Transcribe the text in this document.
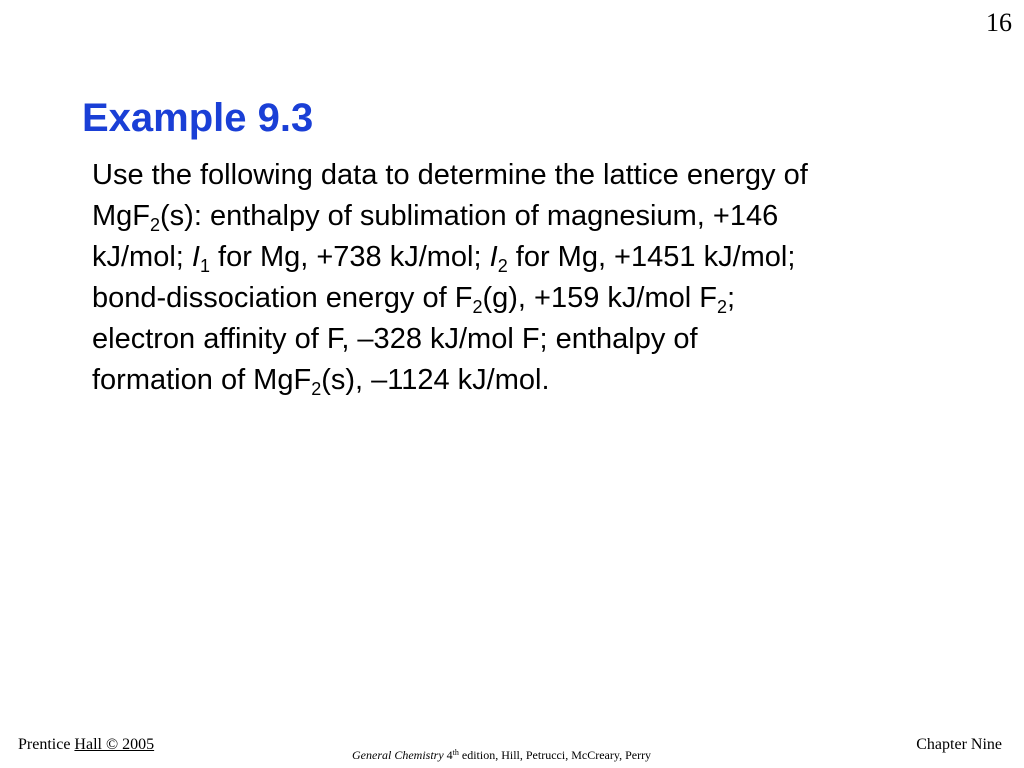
16
Example 9.3
Use the following data to determine the lattice energy of
MgF$_2$(s): enthalpy of sublimation of magnesium, +146
kJ/mol; $I_1$ for Mg, +738 kJ/mol; $I_2$ for Mg, +1451 kJ/mol;
bond-dissociation energy of $F_2(g)$, +159 kJ/mol $F_2$;
electron affinity of F, –328 kJ/mol F; enthalpy of
formation of MgF$_2$(s), –1124 kJ/mol.
Prentice Hall © 2005
General Chemistry 4th edition, Hill, Petrucci, McCreary, Perry
Chapter Nine
